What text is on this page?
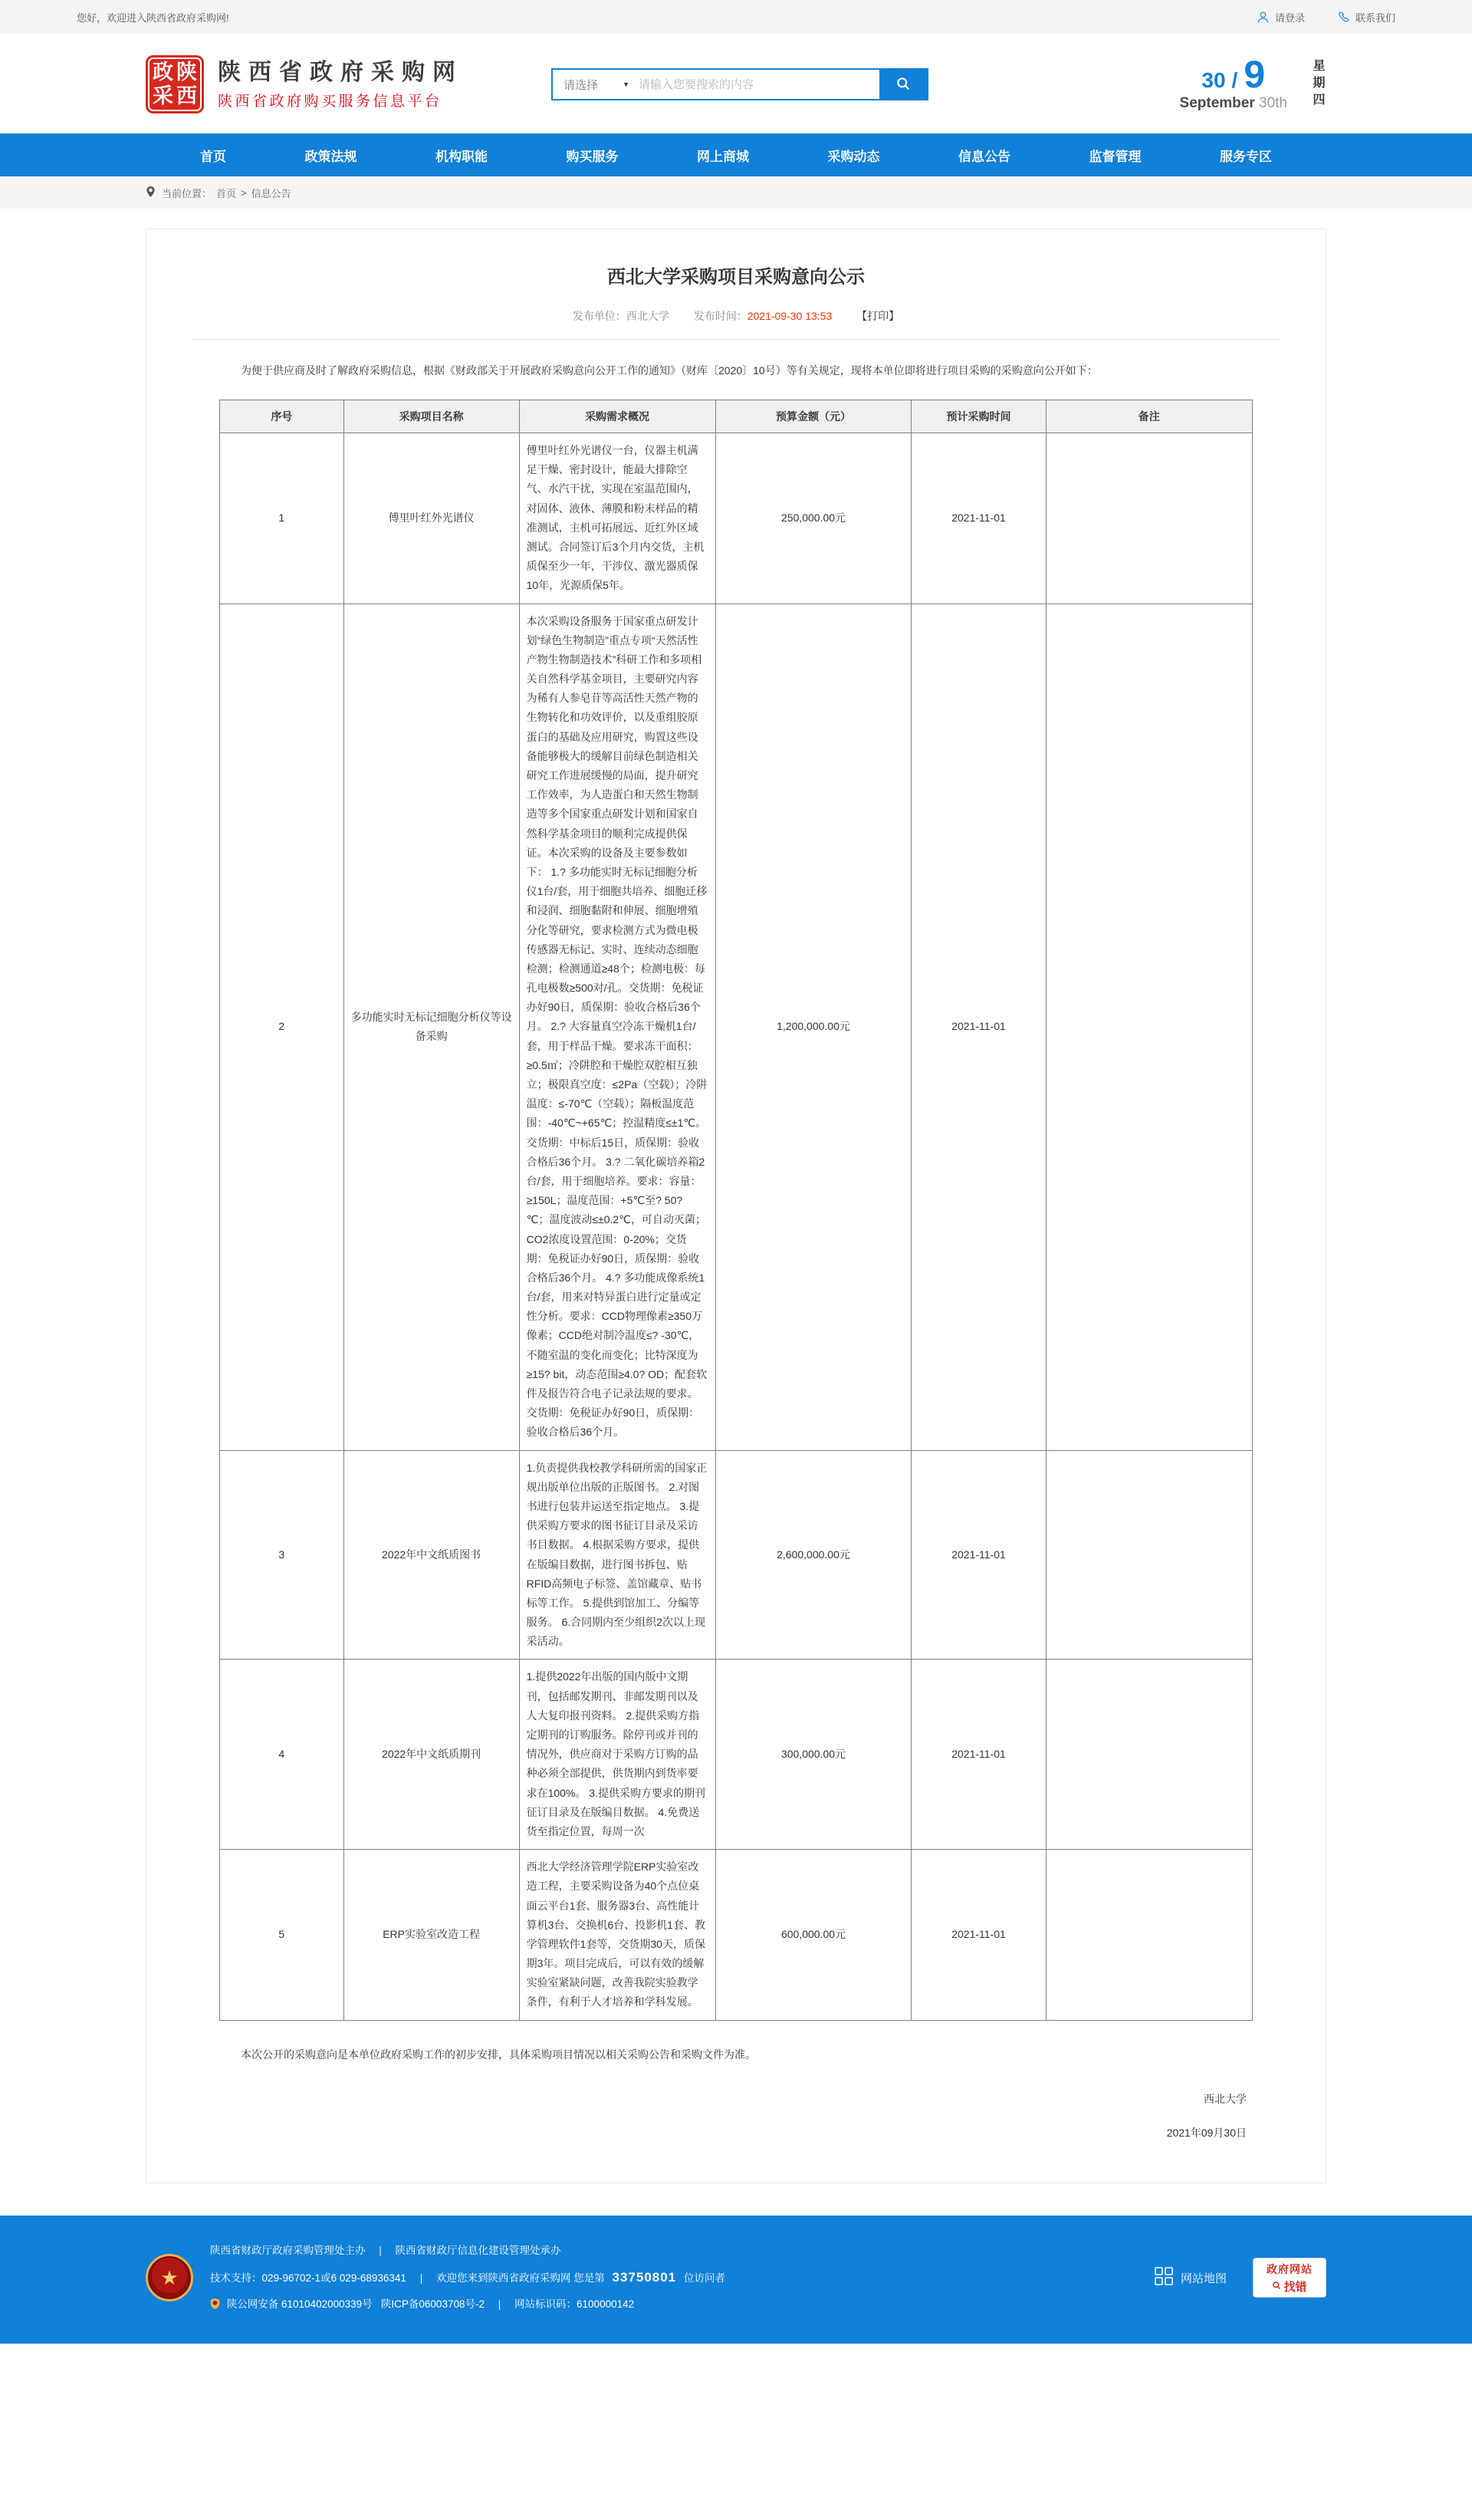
您好，欢迎进入陕西省政府采购网!	请登录	联系我们
政 陕
采 西
陕西省政府采购网
陕西省政府购买服务信息平台
请选择	▼
请输入您要搜索的内容	30 / 9
September 30th 星期四
首页	政策法规	机构职能	购买服务	网上商城	采购动态	信息公告	监督管理	服务专区
当前位置： 首页 > 信息公告
西北大学采购项目采购意向公示
发布单位：西北大学 发布时间：2021-09-30 13:53 【打印】

为便于供应商及时了解政府采购信息，根据《财政部关于开展政府采购意向公开工作的通知》（财库〔2020〕10号）等有关规定，现将本单位即将进行项目采购的采购意向公开如下：

序号	采购项目名称	采购需求概况	预算金额（元）	预计采购时间	备注
1	傅里叶红外光谱仪	傅里叶红外光谱仪一台，仪器主机满足干燥、密封设计，能最大排除空气、水汽干扰，实现在室温范围内，对固体、液体、薄膜和粉末样品的精准测试，主机可拓展远、近红外区域测试。合同签订后3个月内交货，主机质保至少一年，干涉仪、激光器质保10年，光源质保5年。	250,000.00元	2021-11-01	
2	多功能实时无标记细胞分析仪等设备采购	本次采购设备服务于国家重点研发计划“绿色生物制造”重点专项“天然活性产物生物制造技术”科研工作和多项相关自然科学基金项目，主要研究内容为稀有人参皂苷等高活性天然产物的生物转化和功效评价，以及重组胶原蛋白的基础及应用研究，购置这些设备能够极大的缓解目前绿色制造相关研究工作进展缓慢的局面，提升研究工作效率，为人造蛋白和天然生物制造等多个国家重点研发计划和国家自然科学基金项目的顺利完成提供保证。本次采购的设备及主要参数如下： 1.? 多功能实时无标记细胞分析仪1台/套，用于细胞共培养、细胞迁移和浸润、细胞黏附和伸展、细胞增殖分化等研究，要求检测方式为微电极传感器无标记、实时、连续动态细胞检测；检测通道≥48个；检测电极：每孔电极数≥500对/孔。交货期：免税证办好90日，质保期：验收合格后36个月。 2.? 大容量真空冷冻干燥机1台/套，用于样品干燥。要求冻干面积：≥0.5㎡；冷阱腔和干燥腔双腔相互独立；极限真空度：≤2Pa（空载）；冷阱温度：≤-70℃（空载）；隔板温度范围：-40℃~+65℃；控温精度≤±1℃。交货期：中标后15日，质保期：验收合格后36个月。 3.? 二氧化碳培养箱2台/套，用于细胞培养。要求：容量：≥150L；温度范围：+5℃至? 50? ℃；温度波动≤±0.2℃，可自动灭菌；CO2浓度设置范围：0-20%；交货期：免税证办好90日，质保期：验收合格后36个月。 4.? 多功能成像系统1台/套，用来对特异蛋白进行定量或定性分析。要求：CCD物理像素≥350万像素；CCD绝对制冷温度≤? -30℃，不随室温的变化而变化；比特深度为≥15? bit，动态范围≥4.0? OD；配套软件及报告符合电子记录法规的要求。交货期：免税证办好90日，质保期：验收合格后36个月。	1,200,000.00元	2021-11-01	
3	2022年中文纸质图书	1.负责提供我校教学科研所需的国家正规出版单位出版的正版图书。 2.对图书进行包装并运送至指定地点。 3.提供采购方要求的图书征订目录及采访书目数据。 4.根据采购方要求，提供在版编目数据，进行图书拆包、贴RFID高频电子标签、盖馆藏章、贴书标等工作。 5.提供到馆加工、分编等服务。 6.合同期内至少组织2次以上现采活动。	2,600,000.00元	2021-11-01	
4	2022年中文纸质期刊	1.提供2022年出版的国内版中文期刊，包括邮发期刊、非邮发期刊以及人大复印报刊资料。 2.提供采购方指定期刊的订购服务。除停刊或并刊的情况外，供应商对于采购方订购的品种必须全部提供，供货期内到货率要求在100%。 3.提供采购方要求的期刊征订目录及在版编目数据。 4.免费送货至指定位置，每周一次	300,000.00元	2021-11-01	
5	ERP实验室改造工程	西北大学经济管理学院ERP实验室改造工程，主要采购设备为40个点位桌面云平台1套、服务器3台、高性能计算机3台、交换机6台、投影机1套、教学管理软件1套等，交货期30天，质保期3年。项目完成后，可以有效的缓解实验室紧缺问题，改善我院实验教学条件，有利于人才培养和学科发展。	600,000.00元	2021-11-01	

本次公开的采购意向是本单位政府采购工作的初步安排，具体采购项目情况以相关采购公告和采购文件为准。

西北大学
2021年09月30日
★
陕西省财政厅政府采购管理处主办 | 陕西省财政厅信息化建设管理处承办
技术支持：029-96702-1或6 029-68936341 | 欢迎您来到陕西省政府采购网 您是第 33750801 位访问者
陕公网安备 61010402000339号 陕ICP备06003708号-2 | 网站标识码：6100000142
网站地图
政府网站
找错
